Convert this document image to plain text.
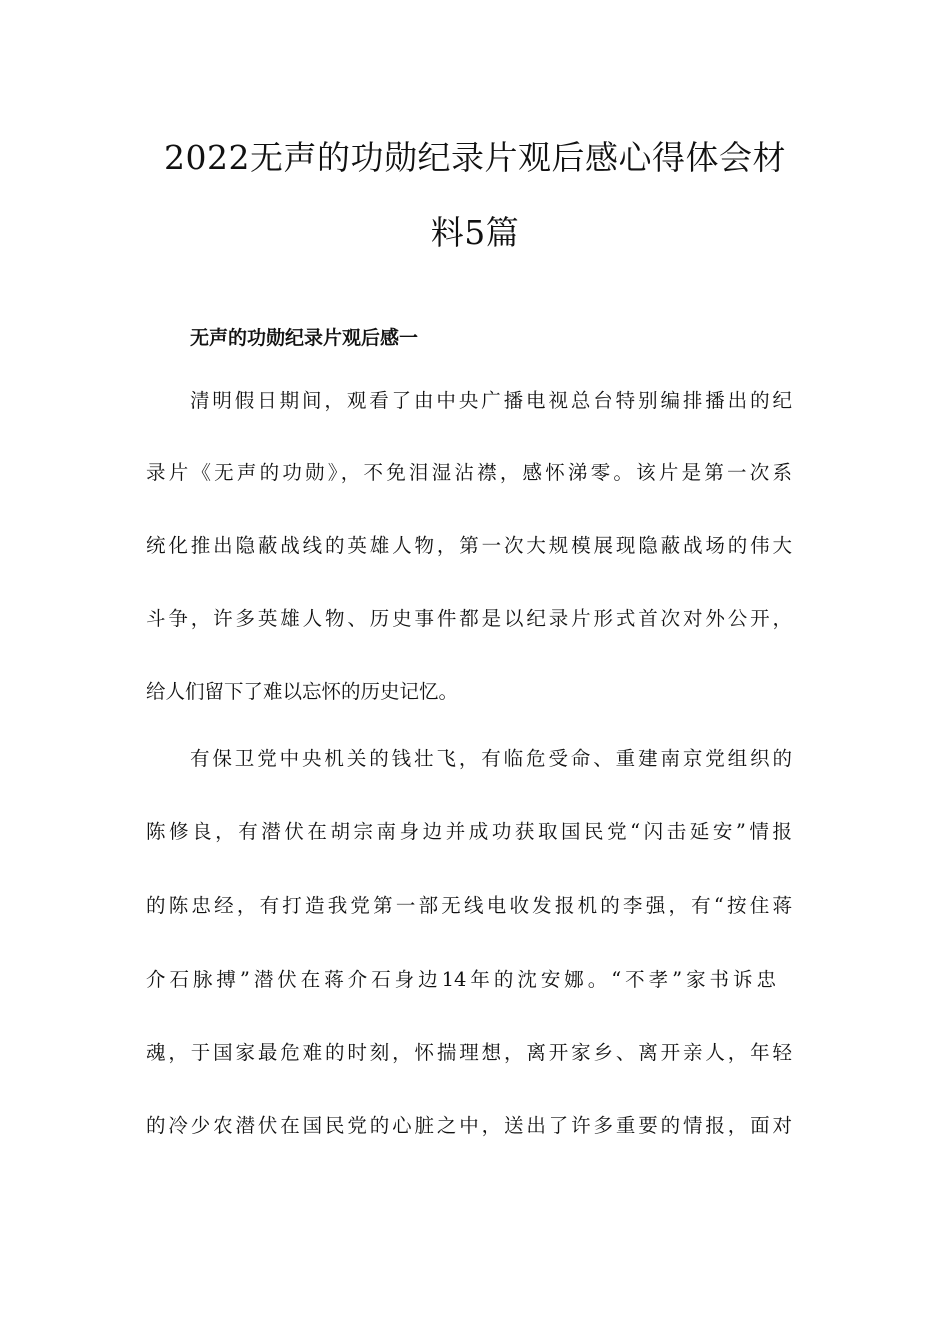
2022无声的功勋纪录片观后感心得体会材
料5篇
无声的功勋纪录片观后感一

清明假日期间，观看了由中央广播电视总台特别编排播出的纪

录片《无声的功勋》，不免泪湿沾襟，感怀涕零。该片是第一次系

统化推出隐蔽战线的英雄人物，第一次大规模展现隐蔽战场的伟大

斗争，许多英雄人物、历史事件都是以纪录片形式首次对外公开，

给人们留下了难以忘怀的历史记忆。

有保卫党中央机关的钱壮飞，有临危受命、重建南京党组织的

陈修良，有潜伏在胡宗南身边并成功获取国民党“闪击延安”情报

的陈忠经，有打造我党第一部无线电收发报机的李强，有“按住蒋

介石脉搏”潜伏在蒋介石身边14年的沈安娜。“不孝”家书诉忠

魂，于国家最危难的时刻，怀揣理想，离开家乡、离开亲人，年轻

的冷少农潜伏在国民党的心脏之中，送出了许多重要的情报，面对
